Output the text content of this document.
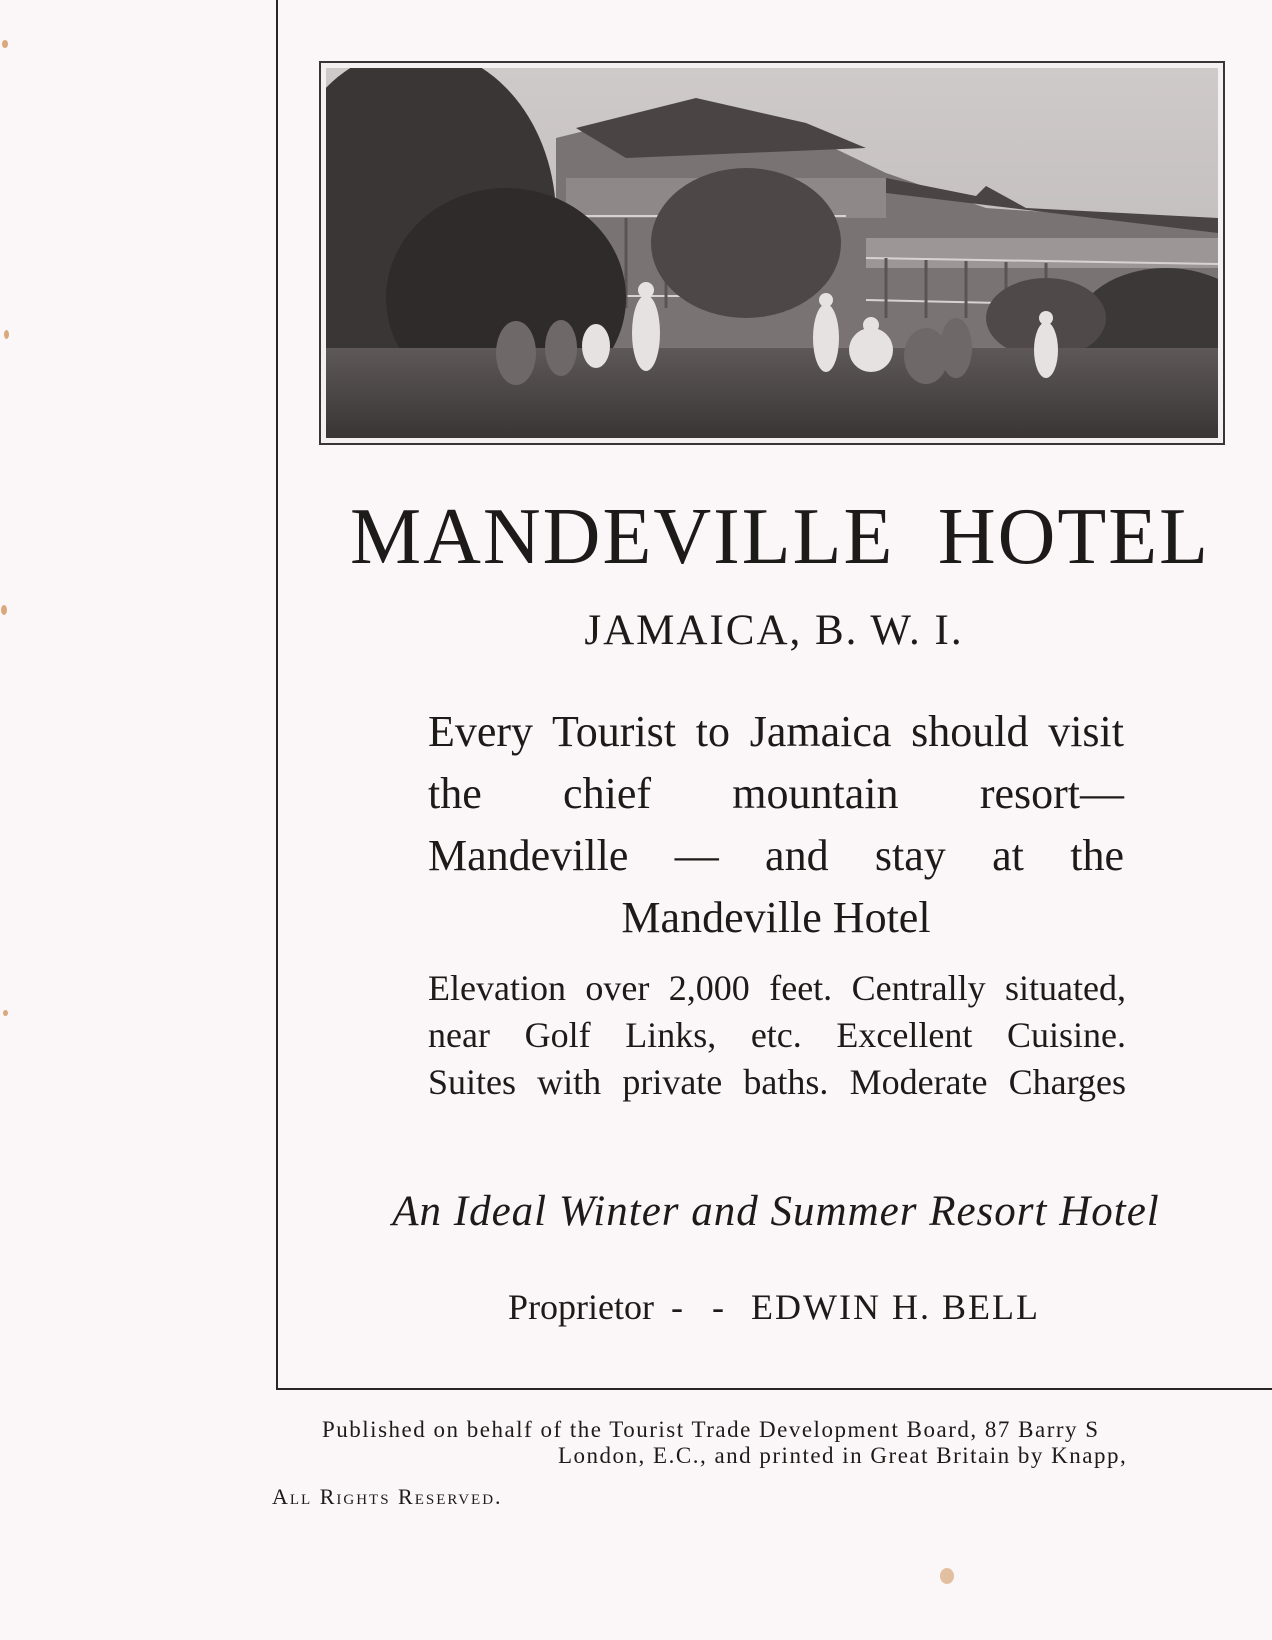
MANDEVILLE HOTEL
JAMAICA, B. W. I.
Every Tourist to Jamaica should visit the chief mountain resort— Mandeville — and stay at the Mandeville Hotel
Elevation over 2,000 feet. Centrally situated, near Golf Links, etc. Excellent Cuisine. Suites with private baths. Moderate Charges
An Ideal Winter and Summer Resort Hotel
Proprietor - - EDWIN H. BELL
Published on behalf of the Tourist Trade Development Board, 87 Barry S
London, E.C., and printed in Great Britain by Knapp,
All Rights Reserved.
